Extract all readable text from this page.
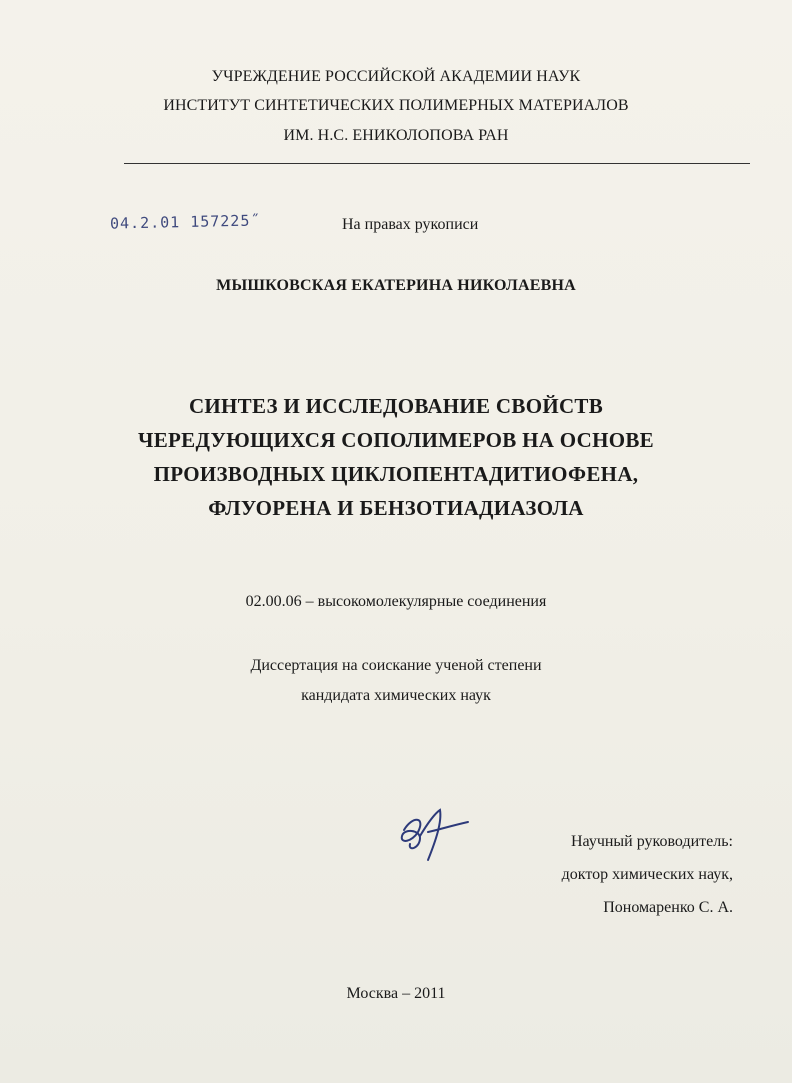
УЧРЕЖДЕНИЕ РОССИЙСКОЙ АКАДЕМИИ НАУК
ИНСТИТУТ СИНТЕТИЧЕСКИХ ПОЛИМЕРНЫХ МАТЕРИАЛОВ
ИМ. Н.С. ЕНИКОЛОПОВА РАН
04.2.01 157225˝	На правах рукописи
МЫШКОВСКАЯ ЕКАТЕРИНА НИКОЛАЕВНА
СИНТЕЗ И ИССЛЕДОВАНИЕ СВОЙСТВ
ЧЕРЕДУЮЩИХСЯ СОПОЛИМЕРОВ НА ОСНОВЕ
ПРОИЗВОДНЫХ ЦИКЛОПЕНТАДИТИОФЕНА,
ФЛУОРЕНА И БЕНЗОТИАДИАЗОЛА
02.00.06 – высокомолекулярные соединения
Диссертация на соискание ученой степени
кандидата химических наук
Научный руководитель:
доктор химических наук,
Пономаренко С. А.
Москва – 2011
